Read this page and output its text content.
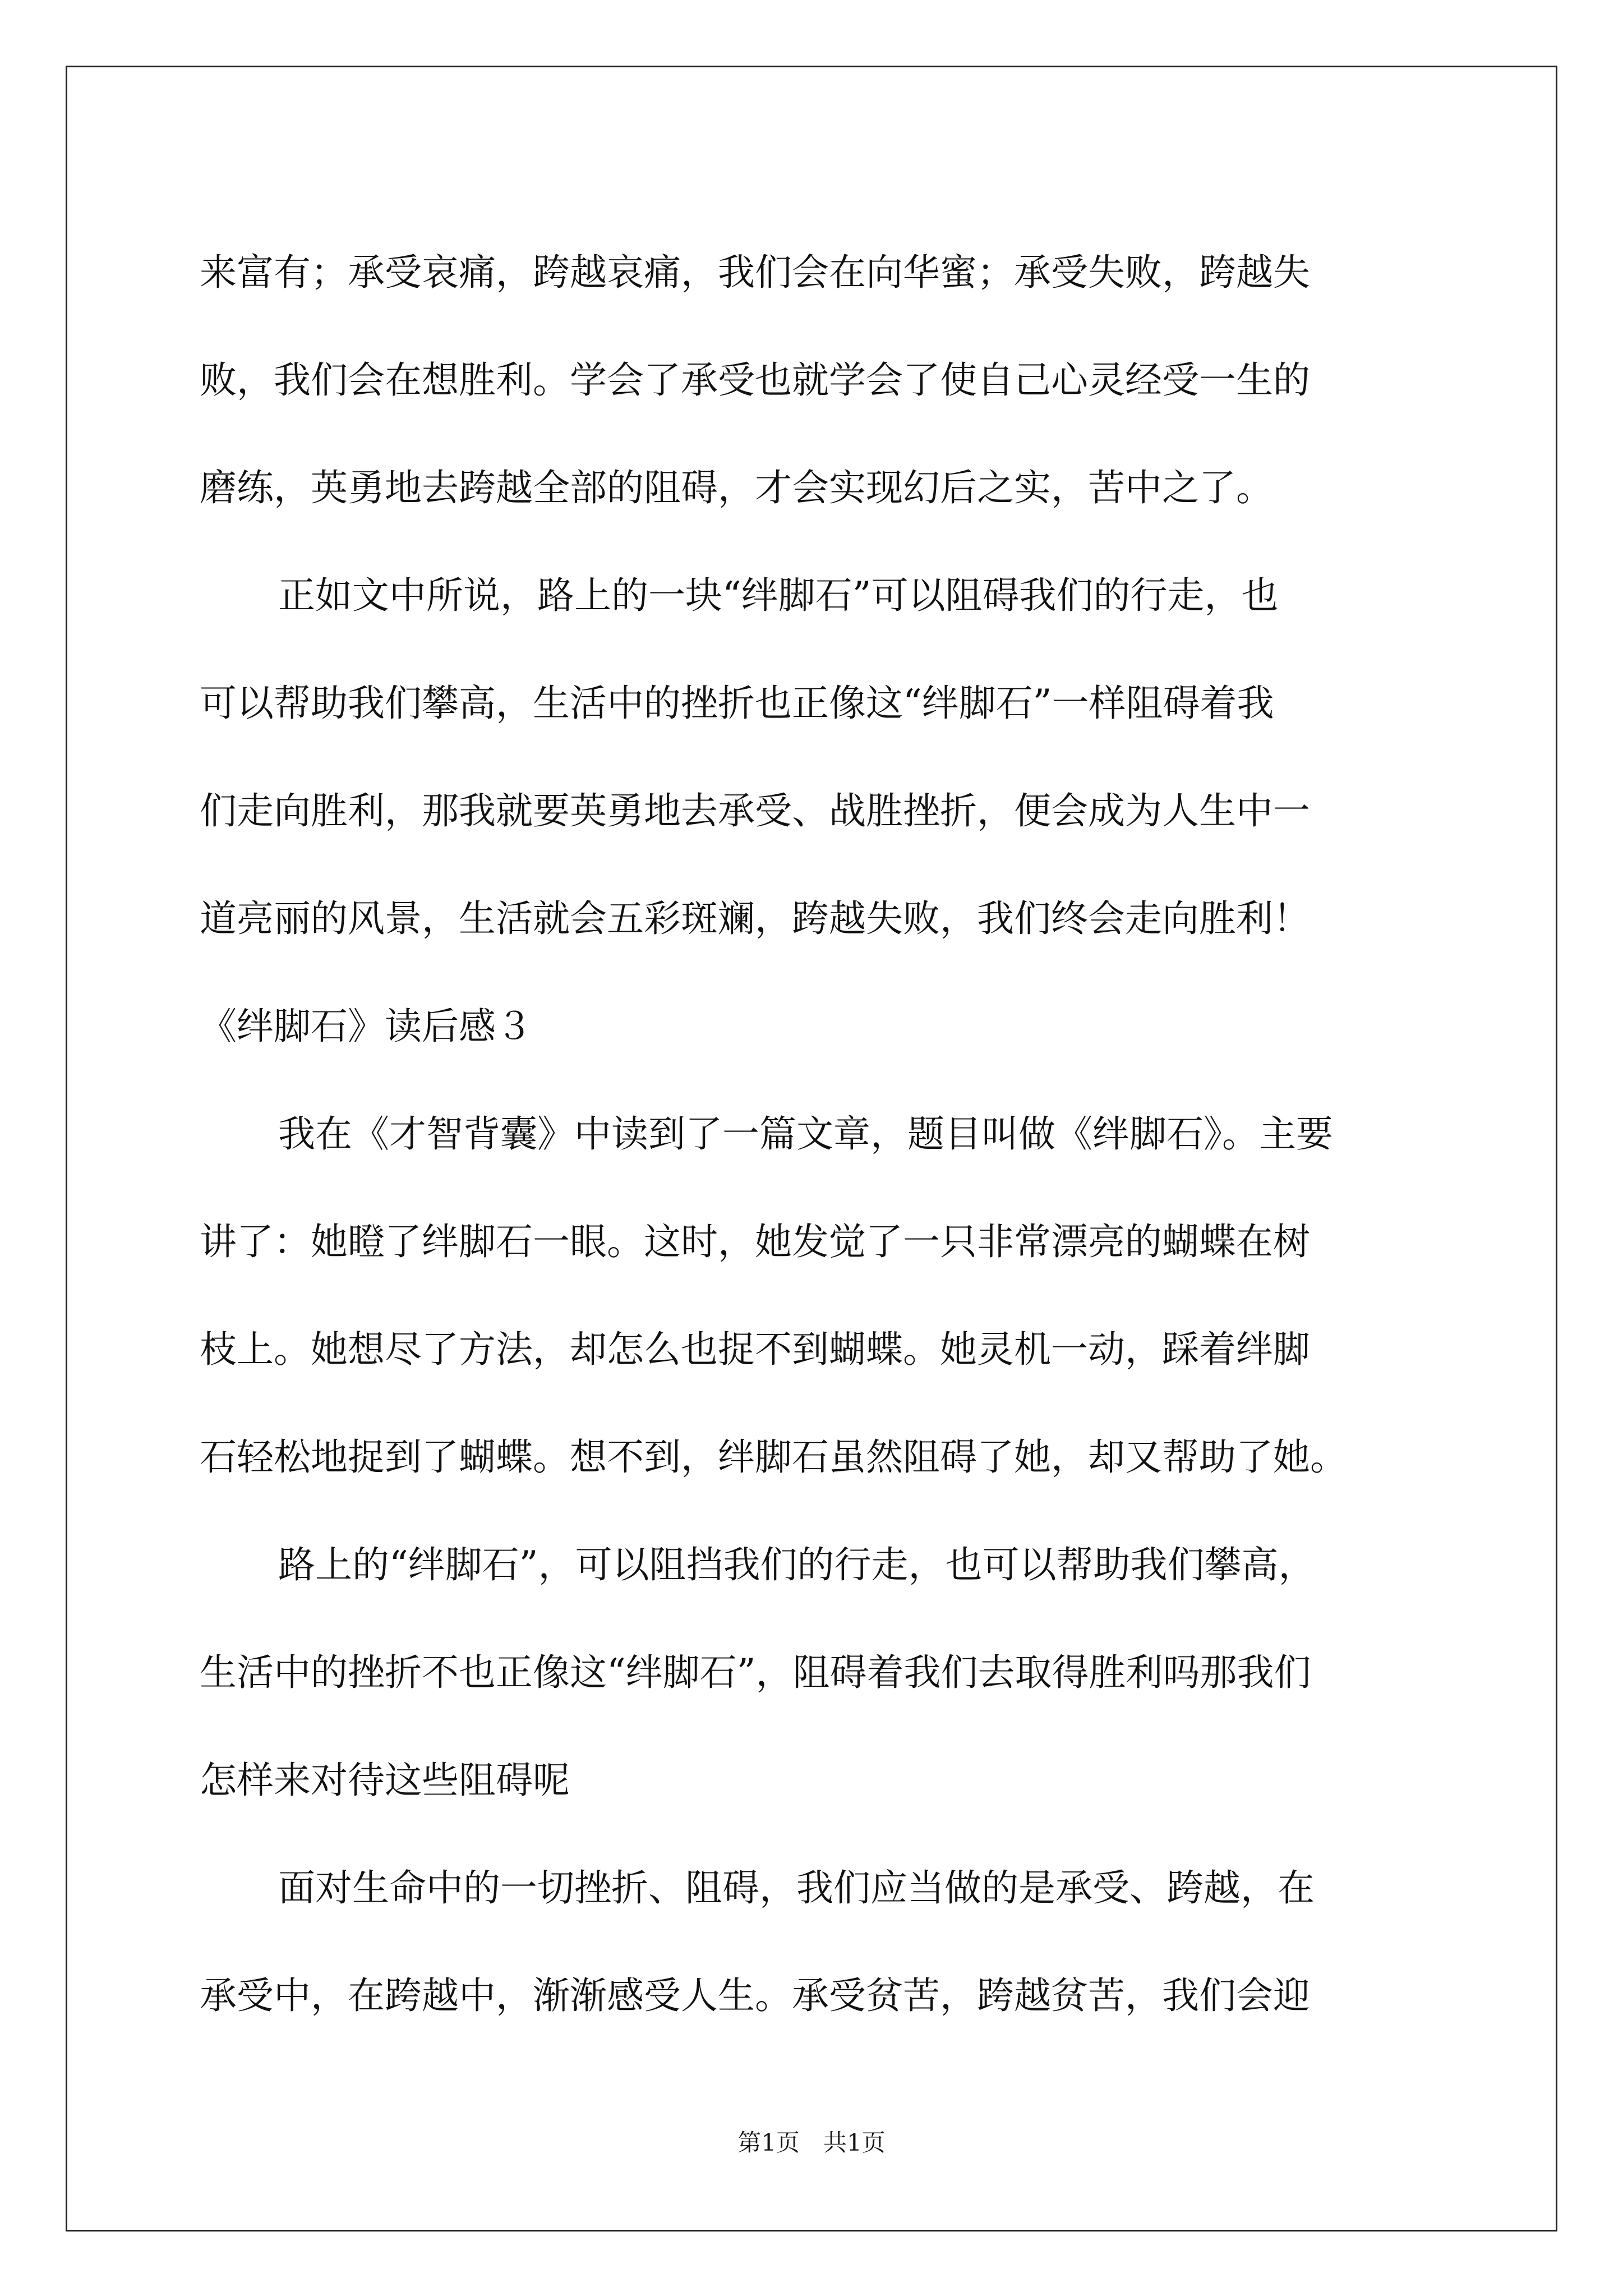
来富有；承受哀痛，跨越哀痛，我们会在向华蜜；承受失败，跨越失
败，我们会在想胜利。学会了承受也就学会了使自己心灵经受一生的
磨练，英勇地去跨越全部的阻碍，才会实现幻后之实，苦中之了。
正如文中所说，路上的一块“绊脚石”可以阻碍我们的行走，也
可以帮助我们攀高，生活中的挫折也正像这“绊脚石”一样阻碍着我
们走向胜利，那我就要英勇地去承受、战胜挫折，便会成为人生中一
道亮丽的风景，生活就会五彩斑斓，跨越失败，我们终会走向胜利！
《绊脚石》读后感３
我在《才智背囊》中读到了一篇文章，题目叫做《绊脚石》。主要
讲了：她瞪了绊脚石一眼。这时，她发觉了一只非常漂亮的蝴蝶在树
枝上。她想尽了方法，却怎么也捉不到蝴蝶。她灵机一动，踩着绊脚
石轻松地捉到了蝴蝶。想不到，绊脚石虽然阻碍了她，却又帮助了她。
路上的“绊脚石”，可以阻挡我们的行走，也可以帮助我们攀高，
生活中的挫折不也正像这“绊脚石”，阻碍着我们去取得胜利吗那我们
怎样来对待这些阻碍呢
面对生命中的一切挫折、阻碍，我们应当做的是承受、跨越，在
承受中，在跨越中，渐渐感受人生。承受贫苦，跨越贫苦，我们会迎
第1页　共1页
